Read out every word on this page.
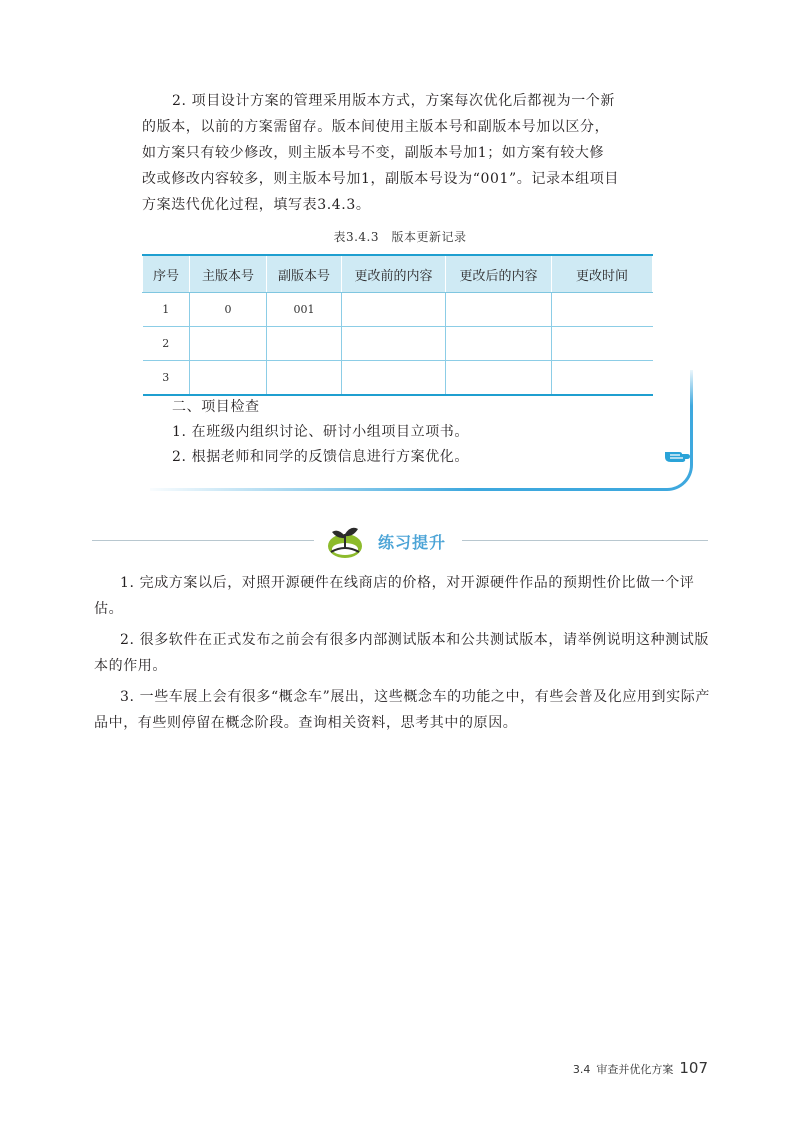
2. 项目设计方案的管理采用版本方式，方案每次优化后都视为一个新

的版本，以前的方案需留存。版本间使用主版本号和副版本号加以区分，

如方案只有较少修改，则主版本号不变，副版本号加1；如方案有较大修

改或修改内容较多，则主版本号加1，副版本号设为“001”。记录本组项目

方案迭代优化过程，填写表3.4.3。

表3.4.3　版本更新记录
序号	主版本号	副版本号	更改前的内容	更改后的内容	更改时间
1	0	001			
2					
3					
二、项目检查

1. 在班级内组织讨论、研讨小组项目立项书。

2. 根据老师和同学的反馈信息进行方案优化。

练习提升

1. 完成方案以后，对照开源硬件在线商店的价格，对开源硬件作品的预期性价比做一个评估。

2. 很多软件在正式发布之前会有很多内部测试版本和公共测试版本，请举例说明这种测试版本的作用。

3. 一些车展上会有很多“概念车”展出，这些概念车的功能之中，有些会普及化应用到实际产品中，有些则停留在概念阶段。查询相关资料，思考其中的原因。

3.4 审查并优化方案 107
